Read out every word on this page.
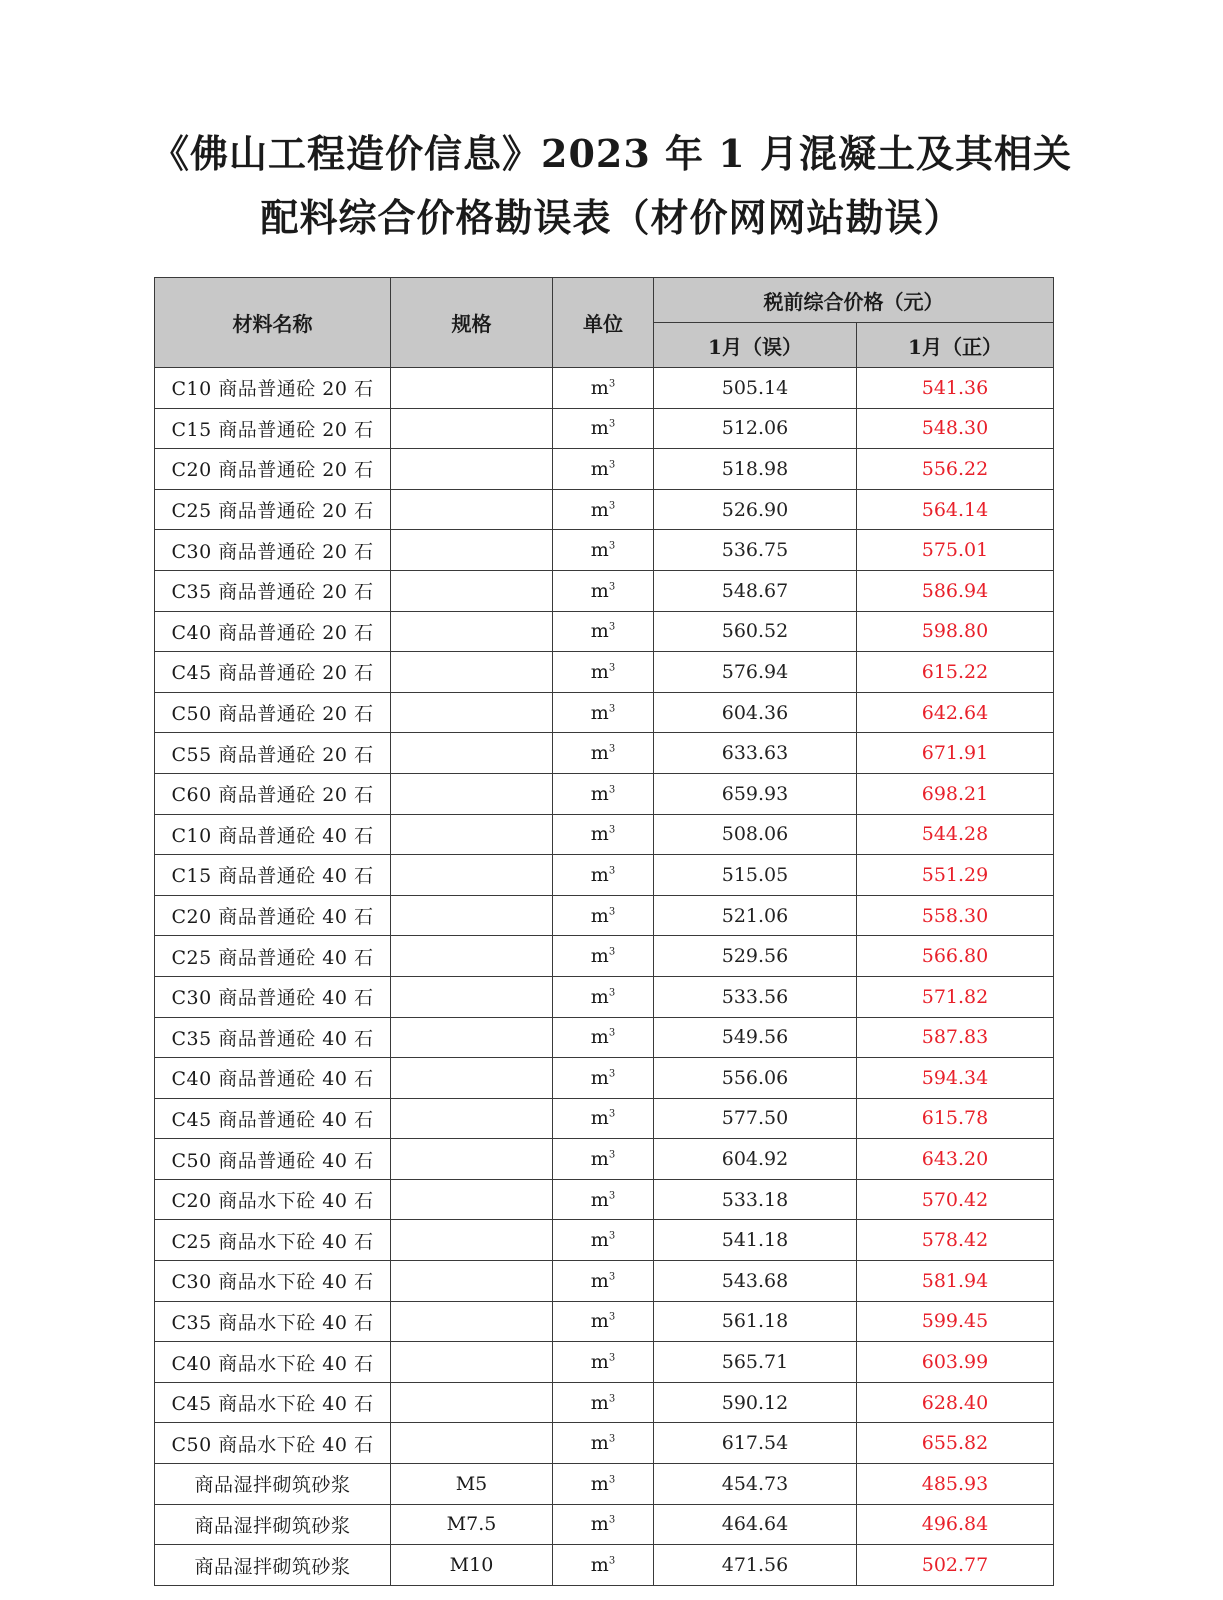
《佛山工程造价信息》2023 年 1 月混凝土及其相关
配料综合价格勘误表（材价网网站勘误）
材料名称	规格	单位	税前综合价格（元）	
			1月（误）	1月（正）
C10 商品普通砼 20 石		$m^3$	505.14	541.36
C15 商品普通砼 20 石		$m^3$	512.06	548.30
C20 商品普通砼 20 石		$m^3$	518.98	556.22
C25 商品普通砼 20 石		$m^3$	526.90	564.14
C30 商品普通砼 20 石		$m^3$	536.75	575.01
C35 商品普通砼 20 石		$m^3$	548.67	586.94
C40 商品普通砼 20 石		$m^3$	560.52	598.80
C45 商品普通砼 20 石		$m^3$	576.94	615.22
C50 商品普通砼 20 石		$m^3$	604.36	642.64
C55 商品普通砼 20 石		$m^3$	633.63	671.91
C60 商品普通砼 20 石		$m^3$	659.93	698.21
C10 商品普通砼 40 石		$m^3$	508.06	544.28
C15 商品普通砼 40 石		$m^3$	515.05	551.29
C20 商品普通砼 40 石		$m^3$	521.06	558.30
C25 商品普通砼 40 石		$m^3$	529.56	566.80
C30 商品普通砼 40 石		$m^3$	533.56	571.82
C35 商品普通砼 40 石		$m^3$	549.56	587.83
C40 商品普通砼 40 石		$m^3$	556.06	594.34
C45 商品普通砼 40 石		$m^3$	577.50	615.78
C50 商品普通砼 40 石		$m^3$	604.92	643.20
C20 商品水下砼 40 石		$m^3$	533.18	570.42
C25 商品水下砼 40 石		$m^3$	541.18	578.42
C30 商品水下砼 40 石		$m^3$	543.68	581.94
C35 商品水下砼 40 石		$m^3$	561.18	599.45
C40 商品水下砼 40 石		$m^3$	565.71	603.99
C45 商品水下砼 40 石		$m^3$	590.12	628.40
C50 商品水下砼 40 石		$m^3$	617.54	655.82
商品湿拌砌筑砂浆	M5	$m^3$	454.73	485.93
商品湿拌砌筑砂浆	M7.5	$m^3$	464.64	496.84
商品湿拌砌筑砂浆	M10	$m^3$	471.56	502.77
